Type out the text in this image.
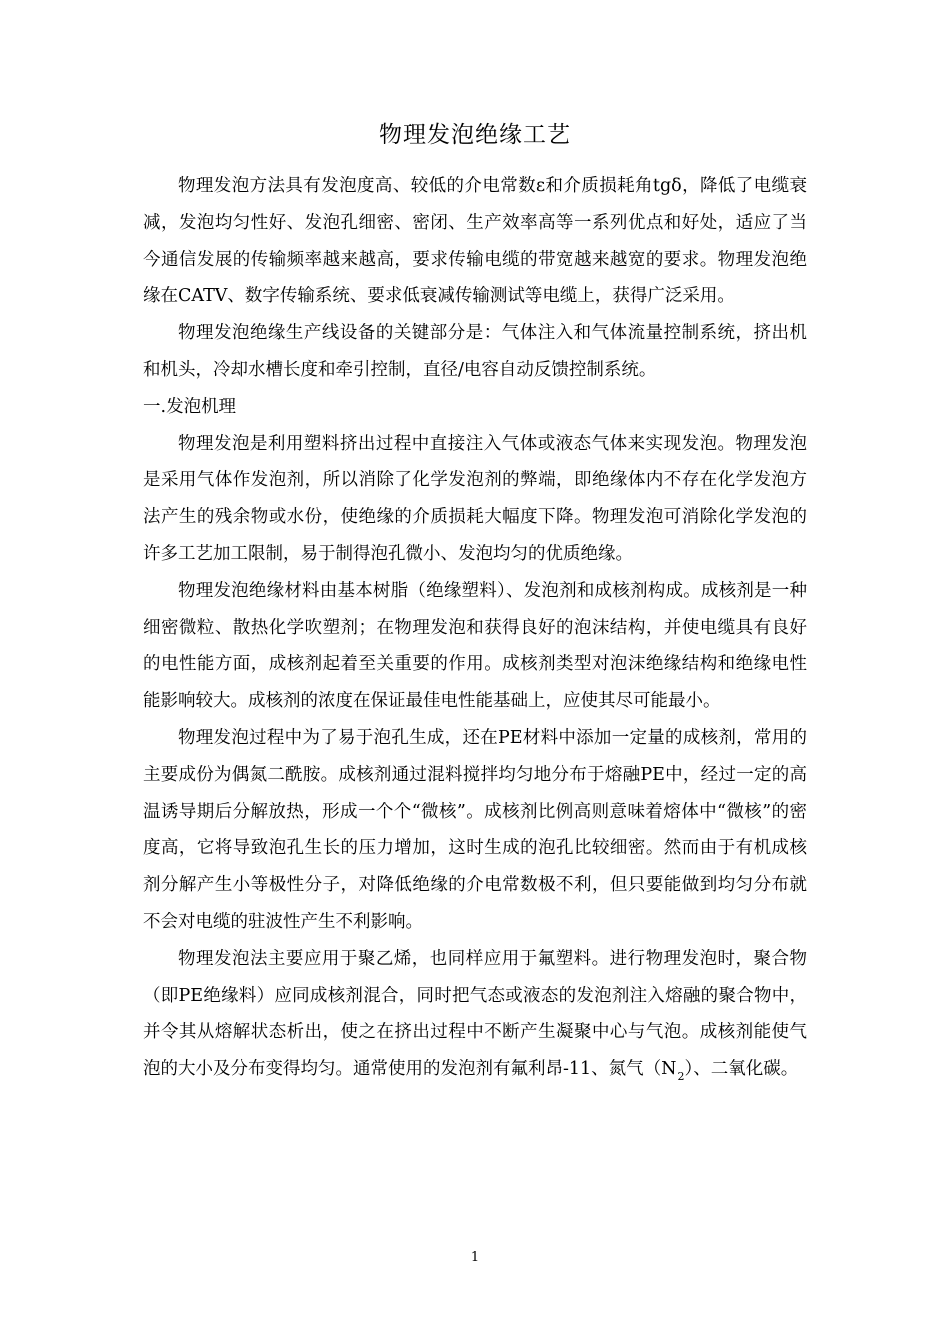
物理发泡绝缘工艺

物理发泡方法具有发泡度高、较低的介电常数ε和介质损耗角tgδ，降低了电缆衰减，发泡均匀性好、发泡孔细密、密闭、生产效率高等一系列优点和好处，适应了当今通信发展的传输频率越来越高，要求传输电缆的带宽越来越宽的要求。物理发泡绝缘在CATV、数字传输系统、要求低衰减传输测试等电缆上，获得广泛采用。

物理发泡绝缘生产线设备的关键部分是：气体注入和气体流量控制系统，挤出机和机头，冷却水槽长度和牵引控制，直径/电容自动反馈控制系统。

一.发泡机理

物理发泡是利用塑料挤出过程中直接注入气体或液态气体来实现发泡。物理发泡是采用气体作发泡剂，所以消除了化学发泡剂的弊端，即绝缘体内不存在化学发泡方法产生的残余物或水份，使绝缘的介质损耗大幅度下降。物理发泡可消除化学发泡的许多工艺加工限制，易于制得泡孔微小、发泡均匀的优质绝缘。

物理发泡绝缘材料由基本树脂（绝缘塑料）、发泡剂和成核剂构成。成核剂是一种细密微粒、散热化学吹塑剂；在物理发泡和获得良好的泡沫结构，并使电缆具有良好的电性能方面，成核剂起着至关重要的作用。成核剂类型对泡沫绝缘结构和绝缘电性能影响较大。成核剂的浓度在保证最佳电性能基础上，应使其尽可能最小。

物理发泡过程中为了易于泡孔生成，还在PE材料中添加一定量的成核剂，常用的主要成份为偶氮二酰胺。成核剂通过混料搅拌均匀地分布于熔融PE中，经过一定的高温诱导期后分解放热，形成一个个“微核”。成核剂比例高则意味着熔体中“微核”的密度高，它将导致泡孔生长的压力增加，这时生成的泡孔比较细密。然而由于有机成核剂分解产生小等极性分子，对降低绝缘的介电常数极不利，但只要能做到均匀分布就不会对电缆的驻波性产生不利影响。

物理发泡法主要应用于聚乙烯，也同样应用于氟塑料。进行物理发泡时，聚合物（即PE绝缘料）应同成核剂混合，同时把气态或液态的发泡剂注入熔融的聚合物中，并令其从熔解状态析出，使之在挤出过程中不断产生凝聚中心与气泡。成核剂能使气泡的大小及分布变得均匀。通常使用的发泡剂有氟利昂-11、氮气$(N_2)$、二氧化碳。

1
